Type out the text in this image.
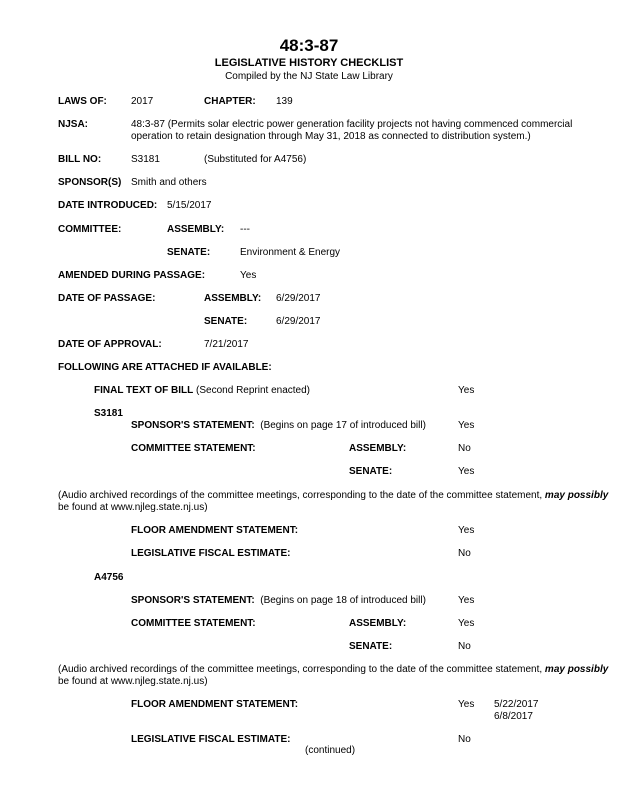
48:3-87
LEGISLATIVE HISTORY CHECKLIST
Compiled by the NJ State Law Library
LAWS OF: 2017	CHAPTER: 139
NJSA:	48:3-87 (Permits solar electric power generation facility projects not having commenced commercial
operation to retain designation through May 31, 2018 as connected to distribution system.)
BILL NO:	S3181	(Substituted for A4756)
SPONSOR(S) Smith and others
DATE INTRODUCED: 5/15/2017
COMMITTEE:	ASSEMBLY: ---
SENATE:	Environment & Energy
AMENDED DURING PASSAGE:	Yes
DATE OF PASSAGE:	ASSEMBLY: 6/29/2017
SENATE:	6/29/2017
DATE OF APPROVAL:	7/21/2017
FOLLOWING ARE ATTACHED IF AVAILABLE:
FINAL TEXT OF BILL (Second Reprint enacted)	Yes
S3181
SPONSOR'S STATEMENT: (Begins on page 17 of introduced bill)	Yes
COMMITTEE STATEMENT:	ASSEMBLY:	No
SENATE:	Yes
(Audio archived recordings of the committee meetings, corresponding to the date of the committee statement, may possibly
be found at www.njleg.state.nj.us)
FLOOR AMENDMENT STATEMENT:	Yes
LEGISLATIVE FISCAL ESTIMATE:	No
A4756
SPONSOR'S STATEMENT: (Begins on page 18 of introduced bill)	Yes
COMMITTEE STATEMENT:	ASSEMBLY:	Yes
SENATE:	No
(Audio archived recordings of the committee meetings, corresponding to the date of the committee statement, may possibly
be found at www.njleg.state.nj.us)
FLOOR AMENDMENT STATEMENT:	Yes 5/22/2017
6/8/2017
LEGISLATIVE FISCAL ESTIMATE:	No
(continued)
